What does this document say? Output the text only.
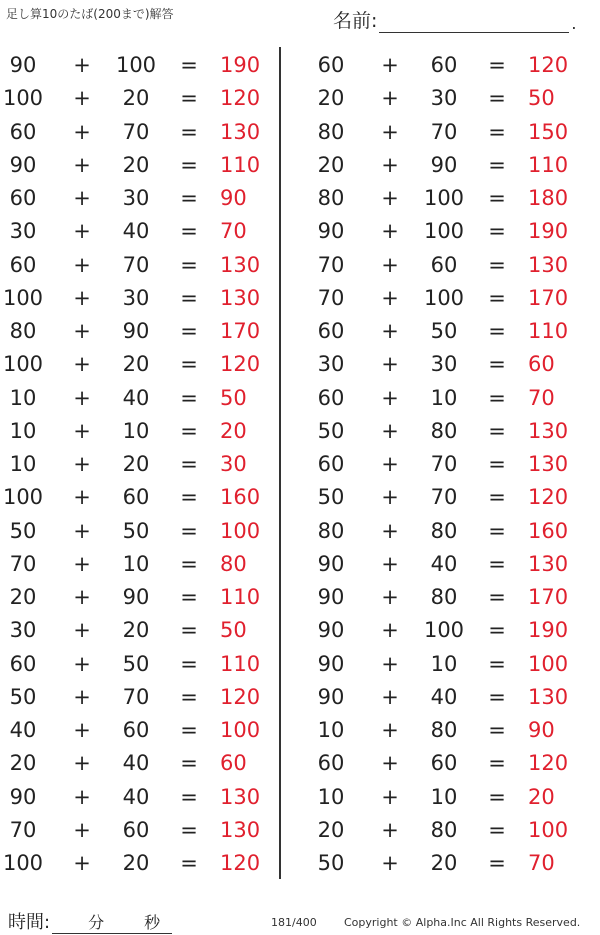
足し算10のたば(200まで)解答	名前:	.
90	+ 100 = 190
100 +	20	= 120
60	+	70	= 130
90	+	20	= 110
60	+	30	= 90
30	+	40	= 70
60	+	70	= 130
100 +	30	= 130
80	+	90	= 170
100 +	20	= 120
10	+	40	= 50
10	+	10	= 20
10	+	20	= 30
100 +	60	= 160
50	+	50	= 100
70	+	10	= 80
20	+	90	= 110
30	+	20	= 50
60	+	50	= 110
50	+	70	= 120
40	+	60	= 100
20	+	40	= 60
90	+	40	= 130
70	+	60	= 130
100 +	20	= 120
60	+	60	= 120
20	+	30	= 50
80	+	70	= 150
20	+	90	= 110
80	+ 100 = 180
90	+ 100 = 190
70	+	60	= 130
70	+ 100 = 170
60	+	50	= 110
30	+	30	= 60
60	+	10	= 70
50	+	80	= 130
60	+	70	= 130
50	+	70	= 120
80	+	80	= 160
90	+	40	= 130
90	+	80	= 170
90	+ 100 = 190
90	+	10	= 100
90	+	40	= 130
10	+	80	= 90
60	+	60	= 120
10	+	10	= 20
20	+	80	= 100
50	+	20	= 70
時間: 分 秒	181/400 Copyright © Alpha.Inc All Rights Reserved.
